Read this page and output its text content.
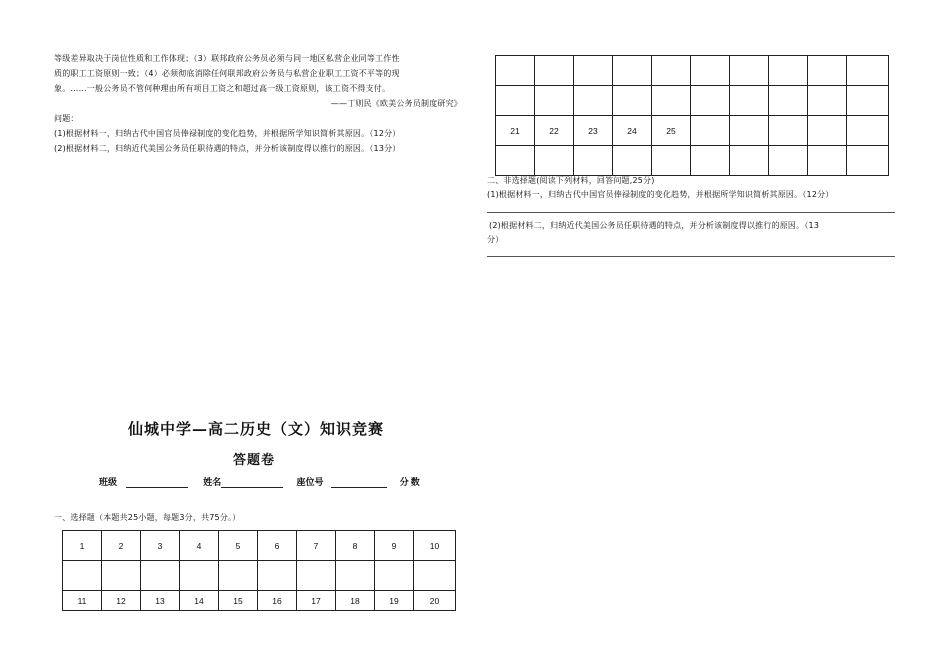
等级差异取决于岗位性质和工作体现；（3）联邦政府公务员必须与同一地区私营企业同等工作性
质的职工工资原则一致；（4）必须彻底消除任何联邦政府公务员与私营企业职工工资不平等的现
象。……一般公务员不管何种理由所有项目工资之和超过高一级工资原则，该工资不得支付。
——丁则民《欧美公务员制度研究》
问题：
(1)根据材料一，归纳古代中国官员俸禄制度的变化趋势，并根据所学知识简析其原因。（12分）
(2)根据材料二，归纳近代美国公务员任职待遇的特点，并分析该制度得以推行的原因。（13分）

21	22	23	24	25					

二、非选择题(阅读下列材料，回答问题,25分)
(1)根据材料一，归纳古代中国官员俸禄制度的变化趋势，并根据所学知识简析其原因。（12分）
(2)根据材料二，归纳近代美国公务员任职待遇的特点，并分析该制度得以推行的原因。（13
分）
仙城中学—高二历史（文）知识竞赛
答题卷
班级	姓名	座位号	分数
一、选择题（本题共25小题，每题3分，共75分。）
1	2	3	4	5	6	7	8	9	10

11	12	13	14	15	16	17	18	19	20
